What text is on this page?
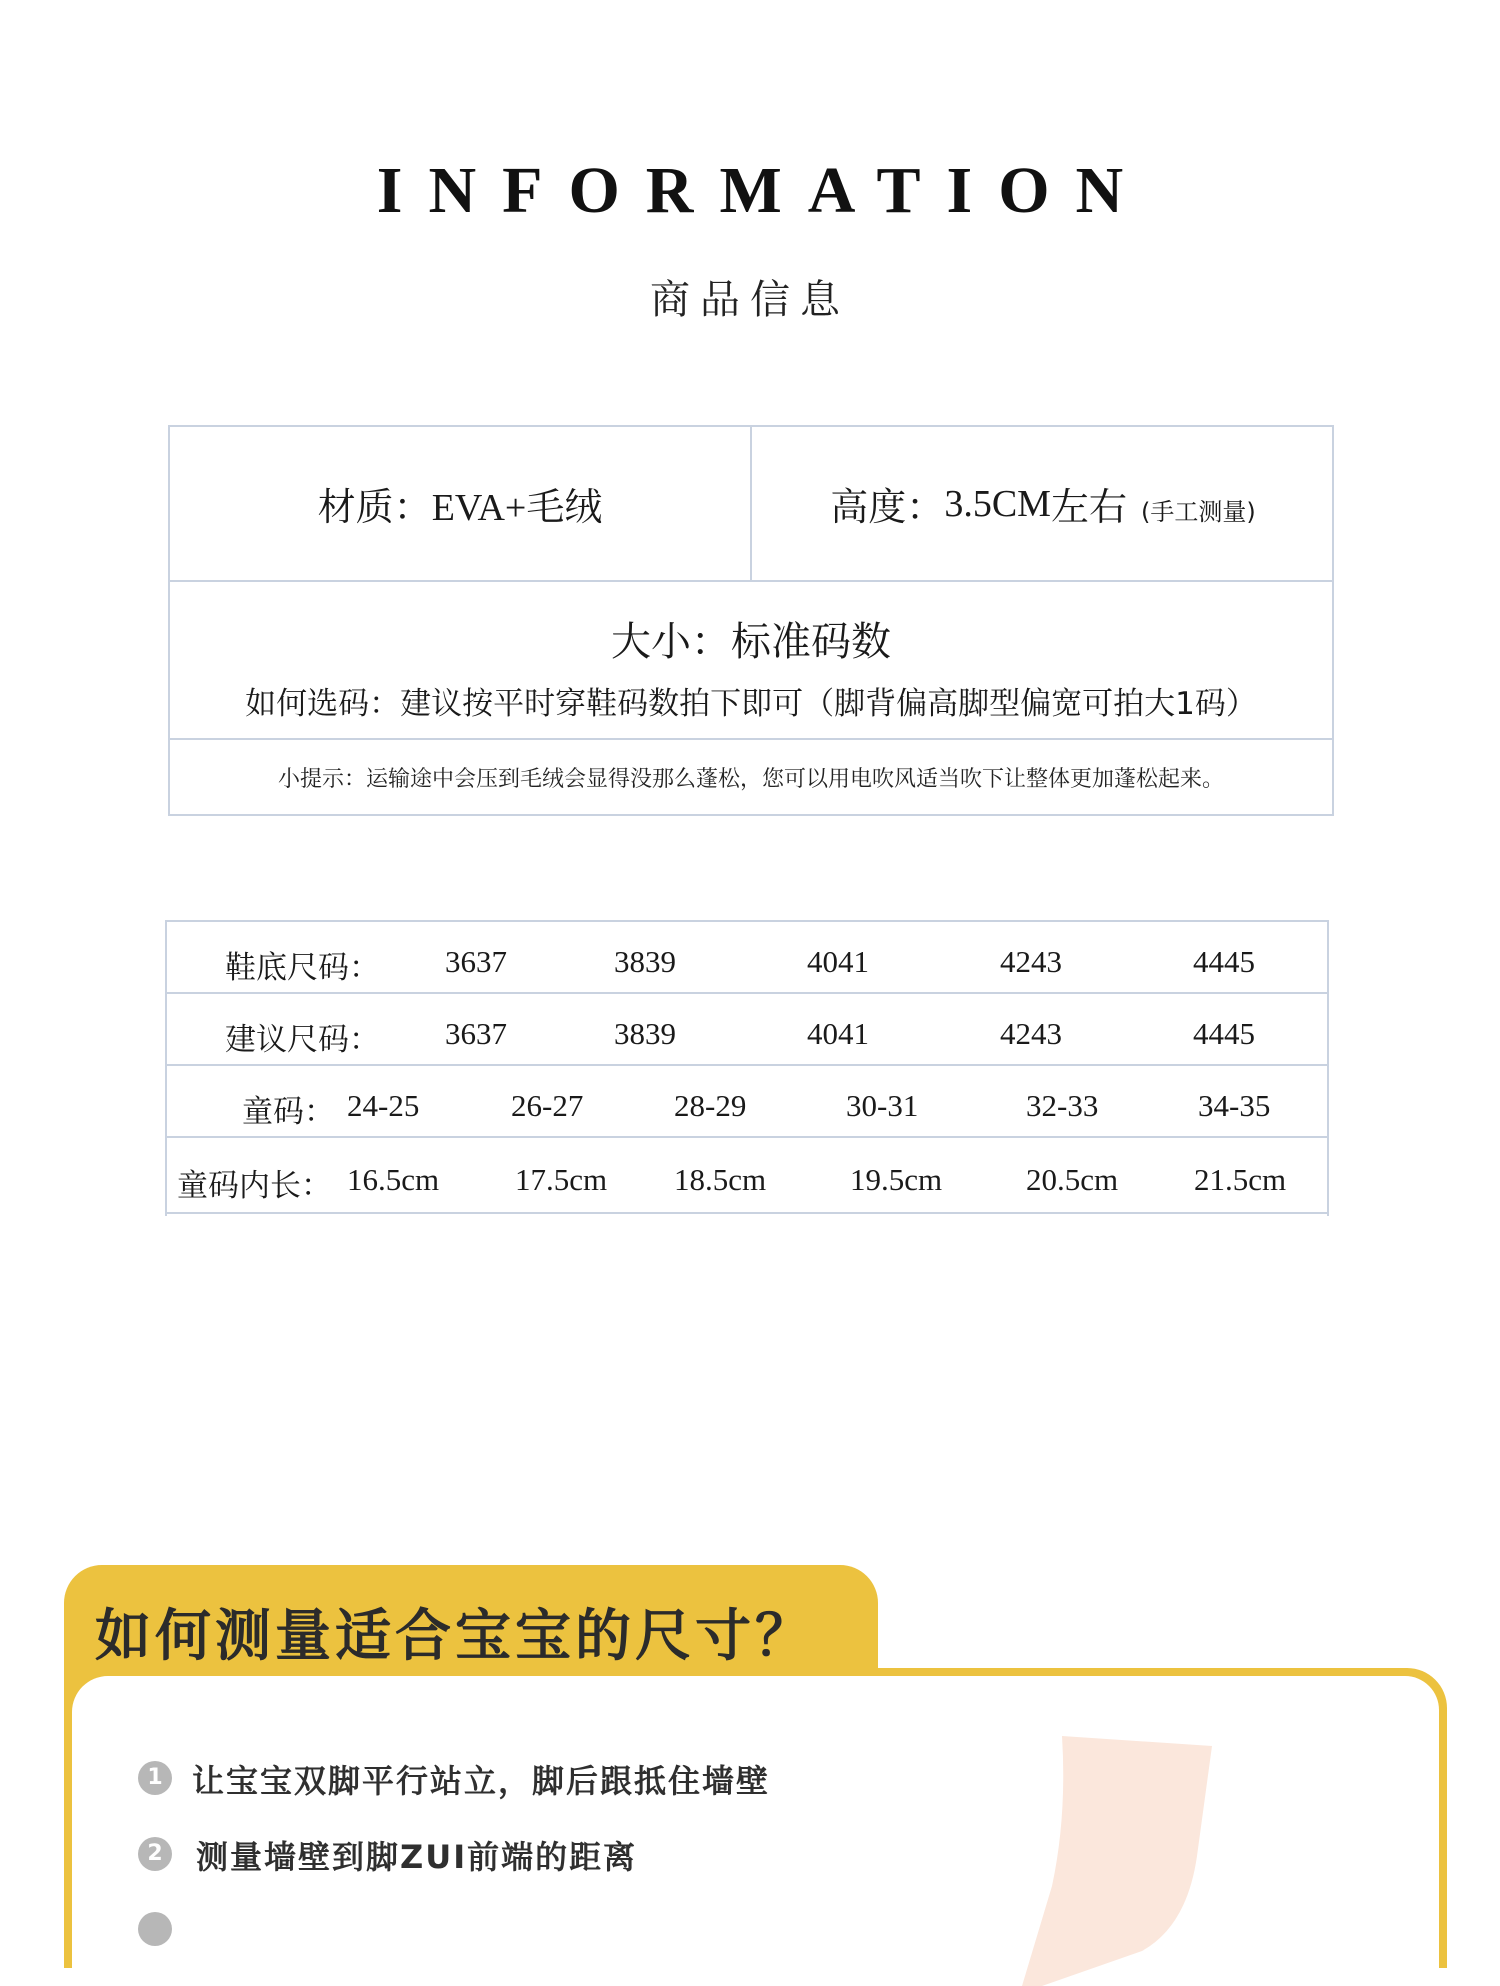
INFORMATION
商品信息
材质： EVA+毛绒	高度： 3.5CM 左右 (手工测量)
大小：标准码数
如何选码：建议按平时穿鞋码数拍下即可（脚背偏高脚型偏宽可拍大1码）
小提示：运输途中会压到毛绒会显得没那么蓬松，您可以用电吹风适当吹下让整体更加蓬松起来。
鞋底尺码： 3637	3839	4041	4243	4445
建议尺码： 3637	3839	4041	4243	4445
童码： 24-25	26-27	28-29	30-31	32-33	34-35
童码内长： 16.5cm 17.5cm 18.5cm	19.5cm	20.5cm 21.5cm
1 让宝宝双脚平行站立，脚后跟抵住墙壁
2 测量墙壁到脚ZUI前端的距离
如何测量适合宝宝的尺寸？
